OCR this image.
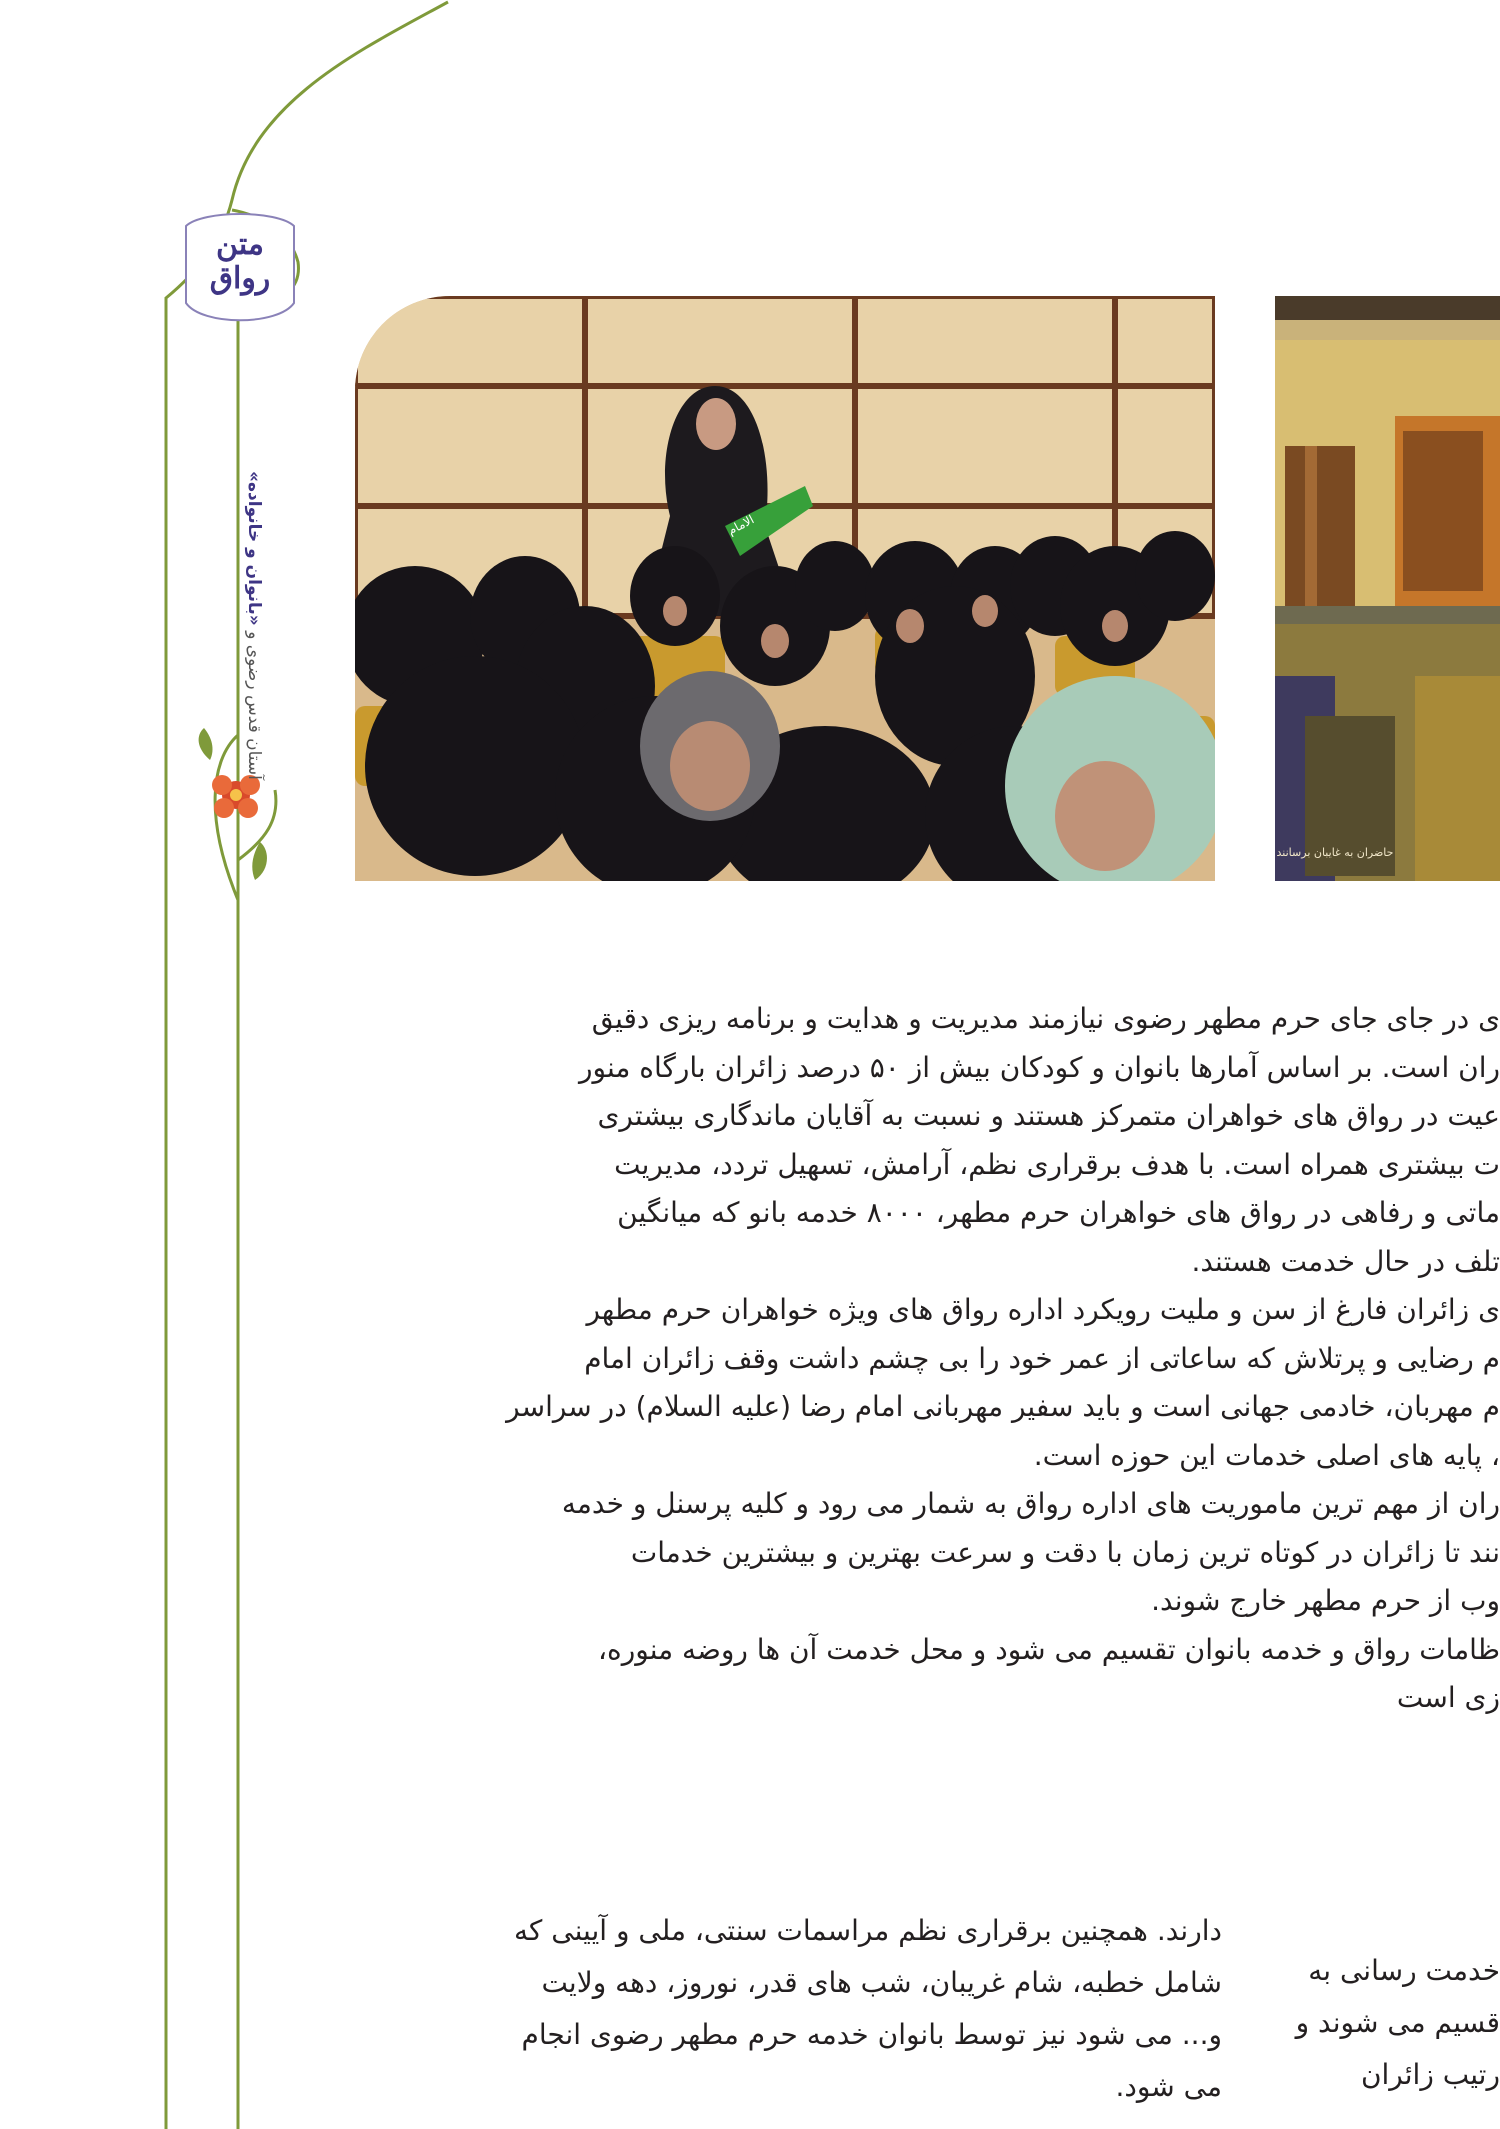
متن رواق
آستان قدس رضوی و «بانوان و خانواده»	الامام
حاضران به غایبان برسانند

ی در جای جای حرم مطهر رضوی نیازمند مدیریت و هدایت و برنامه ریزی دقیق

ران است. بر اساس آمارها بانوان و کودکان بیش از ۵۰ درصد زائران بارگاه منور

عیت در رواق های خواهران متمرکز هستند و نسبت به آقایان ماندگاری بیشتری

ت بیشتری همراه است. با هدف برقراری نظم، آرامش، تسهیل تردد، مدیریت

ماتی و رفاهی در رواق های خواهران حرم مطهر، ۸۰۰۰ خدمه بانو که میانگین

تلف در حال خدمت هستند.

ی زائران فارغ از سن و ملیت رویکرد اداره رواق های ویژه خواهران حرم مطهر

م رضایی و پرتلاش که ساعاتی از عمر خود را بی چشم داشت وقف زائران امام

م مهربان، خادمی جهانی است و باید سفیر مهربانی امام رضا (علیه السلام) در سراسر

، پایه های اصلی خدمات این حوزه است.

ران از مهم ترین ماموریت های اداره رواق به شمار می رود و کلیه پرسنل و خدمه

نند تا زائران در کوتاه ترین زمان با دقت و سرعت بهترین و بیشترین خدمات

وب از حرم مطهر خارج شوند.

ظامات رواق و خدمه بانوان تقسیم می شود و محل خدمت آن ها روضه منوره،

زی است

دارند. همچنین برقراری نظم مراسمات سنتی، ملی و آیینی که

شامل خطبه، شام غریبان، شب های قدر، نوروز، دهه ولایت

و... می شود نیز توسط بانوان خدمه حرم مطهر رضوی انجام

می شود.

خدمت رسانی به

قسیم می شوند و

رتیب زائران
